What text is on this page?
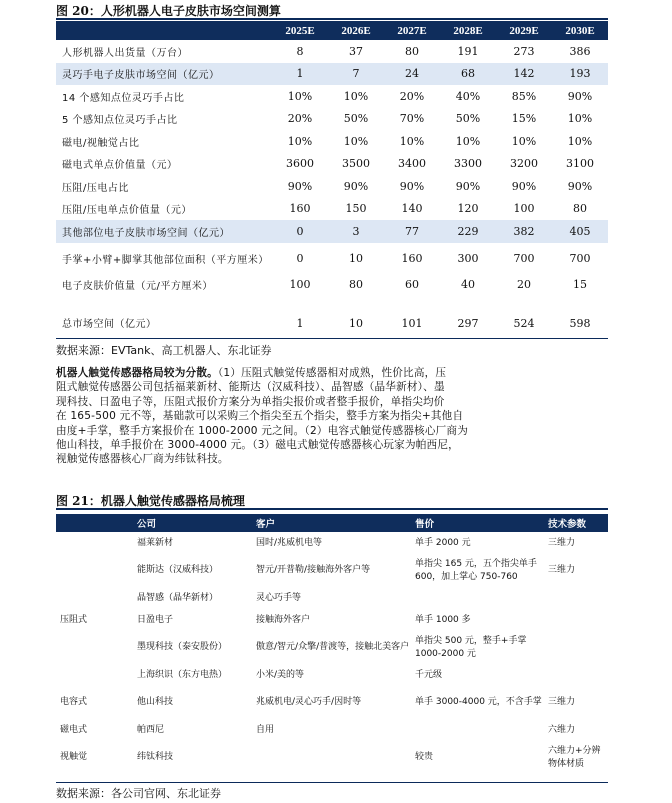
图 20：人形机器人电子皮肤市场空间测算
	2025E	2026E	2027E	2028E	2029E	2030E
人形机器人出货量（万台）	8	37	80	191	273	386
灵巧手电子皮肤市场空间（亿元）	1	7	24	68	142	193
14 个感知点位灵巧手占比	10%	10%	20%	40%	85%	90%
5 个感知点位灵巧手占比	20%	50%	70%	50%	15%	10%
磁电/视触觉占比	10%	10%	10%	10%	10%	10%
磁电式单点价值量（元）	3600	3500	3400	3300	3200	3100
压阻/压电占比	90%	90%	90%	90%	90%	90%
压阻/压电单点价值量（元）	160	150	140	120	100	80
其他部位电子皮肤市场空间（亿元）	0	3	77	229	382	405
手掌+小臂+脚掌其他部位面积（平方厘米）	0	10	160	300	700	700
电子皮肤价值量（元/平方厘米）	100	80	60	40	20	15
总市场空间（亿元）	1	10	101	297	524	598
数据来源：EVTank、高工机器人、东北证券
机器人触觉传感器格局较为分散。（1）压阻式触觉传感器相对成熟，性价比高，压
阻式触觉传感器公司包括福莱新材、能斯达（汉威科技）、晶智感（晶华新材）、墨
现科技、日盈电子等，压阻式报价方案分为单指尖报价或者整手报价，单指尖均价
在 165-500 元不等，基础款可以采购三个指尖至五个指尖，整手方案为指尖+其他自
由度+手掌，整手方案报价在 1000-2000 元之间。（2）电容式触觉传感器核心厂商为
他山科技，单手报价在 3000-4000 元。（3）磁电式触觉传感器核心玩家为帕西尼，
视触觉传感器核心厂商为纬钛科技。
图 21：机器人触觉传感器格局梳理
	公司	客户	售价	技术参数
	福莱新材	国时/兆威机电等	单手 2000 元	三维力
	能斯达（汉威科技）	智元/开普勒/接触海外客户等	单指尖 165 元，五个指尖单手 600，加上掌心 750-760	三维力
	晶智感（晶华新材）	灵心巧手等		
压阻式	日盈电子	接触海外客户	单手 1000 多	
	墨现科技（泰安股份）	傲意/智元/众擎/普渡等，接触北美客户	单指尖 500 元，整手+手掌 1000-2000 元	
	上海织识（东方电热）	小米/美的等	千元级	
电容式	他山科技	兆威机电/灵心巧手/因时等	单手 3000-4000 元，不含手掌	三维力
磁电式	帕西尼	自用		六维力
视触觉	纬钛科技		较贵	六维力+分辨物体材质
数据来源：各公司官网、东北证券
